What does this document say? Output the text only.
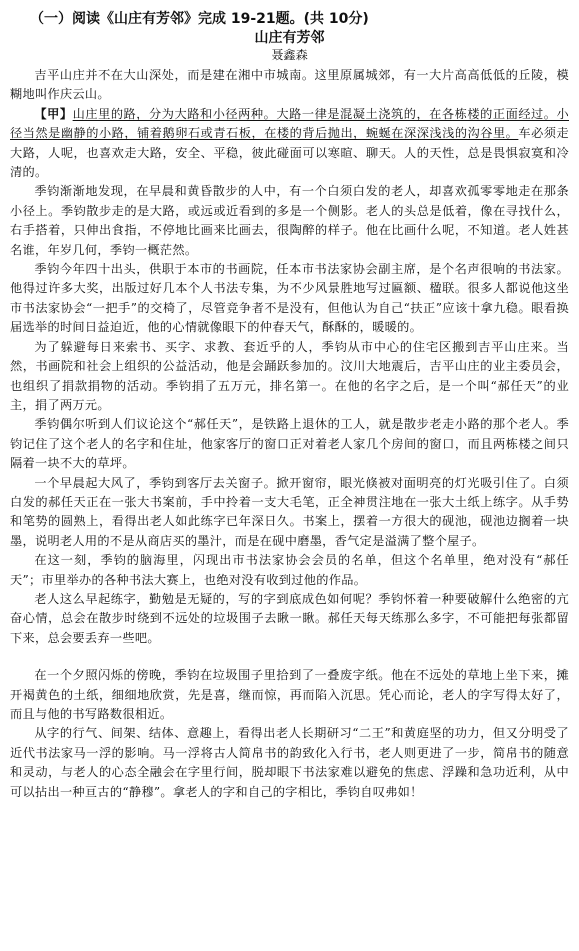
（一）阅读《山庄有芳邻》完成 19-21题。(共 10分)
山庄有芳邻
聂鑫森

吉平山庄并不在大山深处，而是建在湘中市城南。这里原属城郊，有一大片高高低低的丘陵，模糊地叫作庆云山。

【甲】山庄里的路，分为大路和小径两种。大路一律是混凝土浇筑的，在各栋楼的正面经过。小径当然是幽静的小路，铺着鹅卵石或青石板，在楼的背后抛出，蜿蜒在深深浅浅的沟谷里。车必须走大路，人呢，也喜欢走大路，安全、平稳，彼此碰面可以寒暄、聊天。人的天性，总是畏惧寂寞和冷清的。

季钧渐渐地发现，在早晨和黄昏散步的人中，有一个白须白发的老人，却喜欢孤零零地走在那条小径上。季钧散步走的是大路，或远或近看到的多是一个侧影。老人的头总是低着，像在寻找什么，右手搭着，只伸出食指，不停地比画来比画去，很陶醉的样子。他在比画什么呢，不知道。老人姓甚名谁，年岁几何，季钧一概茫然。

季钧今年四十出头，供职于本市的书画院，任本市书法家协会副主席，是个名声很响的书法家。他得过许多大奖，出版过好几本个人书法专集，为不少风景胜地写过匾额、楹联。很多人都说他这坐市书法家协会“一把手”的交椅了，尽管竞争者不是没有，但他认为自己“扶正”应该十拿九稳。眼看换届选举的时间日益迫近，他的心情就像眼下的仲春天气，酥酥的，暖暖的。

为了躲避每日来索书、买字、求教、套近乎的人，季钧从市中心的住宅区搬到吉平山庄来。当然，书画院和社会上组织的公益活动，他是会踊跃参加的。汶川大地震后，吉平山庄的业主委员会，也组织了捐款捐物的活动。季钧捐了五万元，排名第一。在他的名字之后，是一个叫“郝任天”的业主，捐了两万元。

季钧偶尔听到人们议论这个“郝任天”，是铁路上退休的工人，就是散步老走小路的那个老人。季钧记住了这个老人的名字和住址，他家客厅的窗口正对着老人家几个房间的窗口，而且两栋楼之间只隔着一块不大的草坪。

一个早晨起大风了，季钧到客厅去关窗子。掀开窗帘，眼光倏被对面明亮的灯光吸引住了。白须白发的郝任天正在一张大书案前，手中拎着一支大毛笔，正全神贯注地在一张大土纸上练字。从手势和笔势的圆熟上，看得出老人如此练字已年深日久。书案上，摆着一方很大的砚池，砚池边搁着一块墨，说明老人用的不是从商店买的墨汁，而是在砚中磨墨，香气定是溢满了整个屋子。

在这一刻，季钧的脑海里，闪现出市书法家协会会员的名单，但这个名单里，绝对没有“郝任天”；市里举办的各种书法大赛上，也绝对没有收到过他的作品。

老人这么早起练字，勤勉是无疑的，写的字到底成色如何呢？季钧怀着一种要破解什么绝密的亢奋心情，总会在散步时绕到不远处的垃圾围子去瞅一瞅。郝任天每天练那么多字，不可能把每张都留下来，总会要丢弃一些吧。

在一个夕照闪烁的傍晚，季钧在垃圾围子里拾到了一叠废字纸。他在不远处的草地上坐下来，摊开褐黄色的土纸，细细地欣赏，先是喜，继而惊，再而陷入沉思。凭心而论，老人的字写得太好了，而且与他的书写路数很相近。

从字的行气、间架、结体、意趣上，看得出老人长期研习“二王”和黄庭坚的功力，但又分明受了近代书法家马一浮的影响。马一浮将古人简帛书的韵致化入行书，老人则更进了一步，简帛书的随意和灵动，与老人的心态全融会在字里行间，脱却眼下书法家难以避免的焦虑、浮躁和急功近利，从中可以拈出一种亘古的“静穆”。拿老人的字和自己的字相比，季钧自叹弗如！
